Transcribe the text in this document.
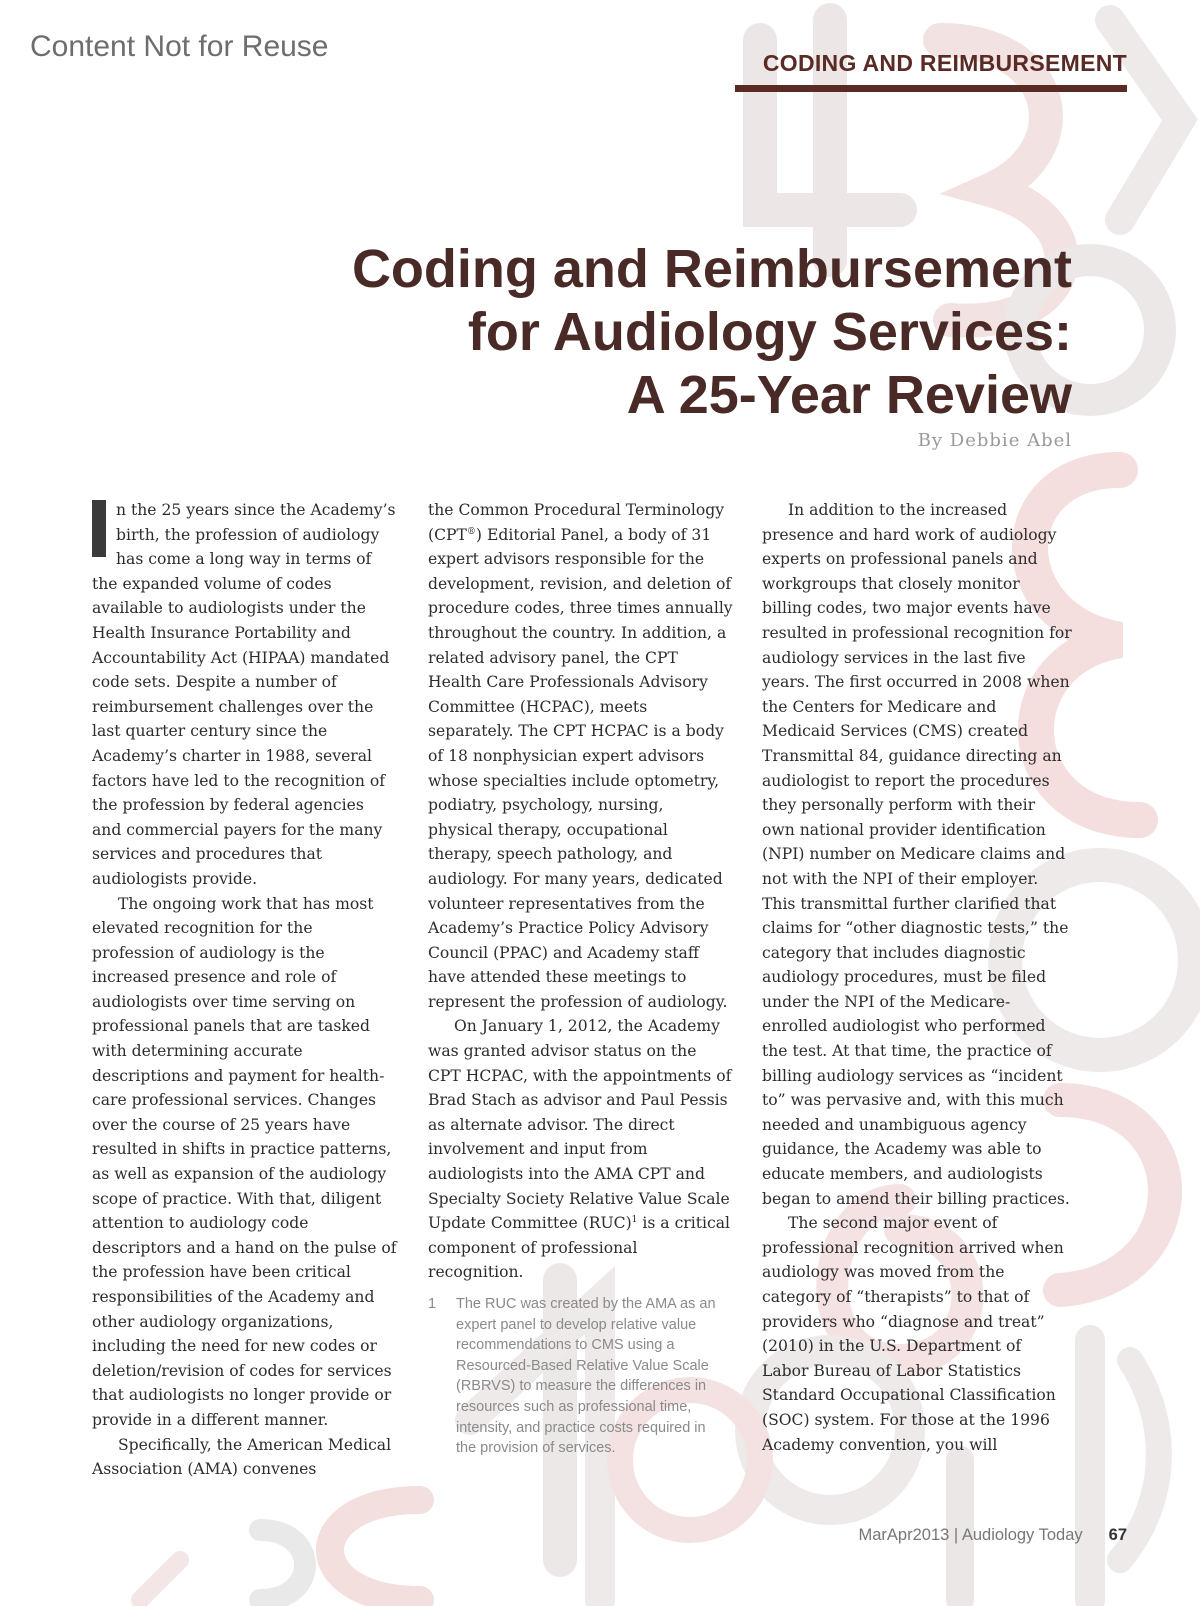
Content Not for Reuse	CODING AND REIMBURSEMENT
Coding and Reimbursement
for Audiology Services:
A 25-Year Review
By Debbie Abel

n the 25 years since the Academy’s birth, the profession of audiology has come a long way in terms of the expanded volume of codes available to audiologists under the Health Insurance Portability and Accountability Act (HIPAA) mandated code sets. Despite a number of reimbursement challenges over the last quarter century since the Academy’s charter in 1988, several factors have led to the recognition of the profession by federal agencies and commercial payers for the many services and procedures that audiologists provide.

The ongoing work that has most elevated recognition for the profession of audiology is the increased presence and role of audiologists over time serving on professional panels that are tasked with determining accurate descriptions and payment for health-care professional services. Changes over the course of 25 years have resulted in shifts in practice patterns, as well as expansion of the audiology scope of practice. With that, diligent attention to audiology code descriptors and a hand on the pulse of the profession have been critical responsibilities of the Academy and other audiology organizations, including the need for new codes or deletion/revision of codes for services that audiologists no longer provide or provide in a different manner.

Specifically, the American Medical Association (AMA) convenes

the Common Procedural Terminology (CPT®) Editorial Panel, a body of 31 expert advisors responsible for the development, revision, and deletion of procedure codes, three times annually throughout the country. In addition, a related advisory panel, the CPT Health Care Professionals Advisory Committee (HCPAC), meets separately. The CPT HCPAC is a body of 18 nonphysician expert advisors whose specialties include optometry, podiatry, psychology, nursing, physical therapy, occupational therapy, speech pathology, and audiology. For many years, dedicated volunteer representatives from the Academy’s Practice Policy Advisory Council (PPAC) and Academy staff have attended these meetings to represent the profession of audiology.

On January 1, 2012, the Academy was granted advisor status on the CPT HCPAC, with the appointments of Brad Stach as advisor and Paul Pessis as alternate advisor. The direct involvement and input from audiologists into the AMA CPT and Specialty Society Relative Value Scale Update Committee (RUC)$^1$ is a critical component of professional recognition.

1 The RUC was created by the AMA as an expert panel to develop relative value recommendations to CMS using a Resourced-Based Relative Value Scale (RBRVS) to measure the differences in resources such as professional time, intensity, and practice costs required in the provision of services.

In addition to the increased presence and hard work of audiology experts on professional panels and workgroups that closely monitor billing codes, two major events have resulted in professional recognition for audiology services in the last five years. The first occurred in 2008 when the Centers for Medicare and Medicaid Services (CMS) created Transmittal 84, guidance directing an audiologist to report the procedures they personally perform with their own national provider identification (NPI) number on Medicare claims and not with the NPI of their employer. This transmittal further clarified that claims for “other diagnostic tests,” the category that includes diagnostic audiology procedures, must be filed under the NPI of the Medicare-enrolled audiologist who performed the test. At that time, the practice of billing audiology services as “incident to” was pervasive and, with this much needed and unambiguous agency guidance, the Academy was able to educate members, and audiologists began to amend their billing practices.

The second major event of professional recognition arrived when audiology was moved from the category of “therapists” to that of providers who “diagnose and treat” (2010) in the U.S. Department of Labor Bureau of Labor Statistics Standard Occupational Classification (SOC) system. For those at the 1996 Academy convention, you will

MarApr2013 | Audiology Today 67
